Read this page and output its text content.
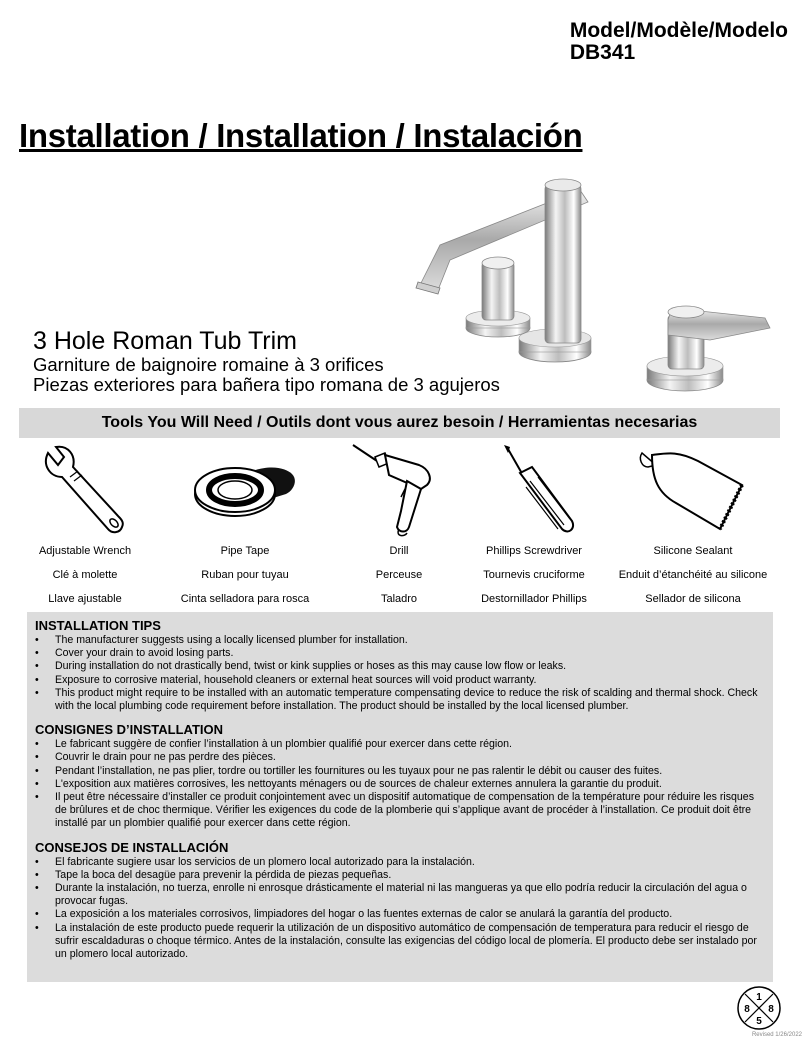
Model/Modèle/Modelo
DB341
Installation / Installation / Instalación
3 Hole Roman Tub Trim
Garniture de baignoire romaine à 3 orifices
Piezas exteriores para bañera tipo romana de 3 agujeros
Tools You Will Need / Outils dont vous aurez besoin / Herramientas necesarias
Adjustable Wrench
Clé à molette
Llave ajustable
Pipe Tape
Ruban pour tuyau
Cinta selladora para rosca
Drill
Perceuse
Taladro
Phillips Screwdriver
Tournevis cruciforme
Destornillador Phillips
Silicone Sealant
Enduit d’étanchéité au silicone
Sellador de silicona
INSTALLATION TIPS
• The manufacturer suggests using a locally licensed plumber for installation.
• Cover your drain to avoid losing parts.
• During installation do not drastically bend, twist or kink supplies or hoses as this may cause low flow or leaks.
• Exposure to corrosive material, household cleaners or external heat sources will void product warranty.
• This product might require to be installed with an automatic temperature compensating device to reduce the risk of scalding and thermal shock. Check with the local plumbing code requirement before installation. The product should be installed by the local licensed plumber.
CONSIGNES D’INSTALLATION
• Le fabricant suggère de confier l’installation à un plombier qualifié pour exercer dans cette région.
• Couvrir le drain pour ne pas perdre des pièces.
• Pendant l’installation, ne pas plier, tordre ou tortiller les fournitures ou les tuyaux pour ne pas ralentir le débit ou causer des fuites.
• L'exposition aux matières corrosives, les nettoyants ménagers ou de sources de chaleur externes annulera la garantie du produit.
• Il peut être nécessaire d’installer ce produit conjointement avec un dispositif automatique de compensation de la température pour réduire les risques de brûlures et de choc thermique. Vérifier les exigences du code de la plomberie qui s’applique avant de procéder à l’installation. Ce produit doit être installé par un plombier qualifié pour exercer dans cette région.
CONSEJOS DE INSTALLACIÓN
• El fabricante sugiere usar los servicios de un plomero local autorizado para la instalación.
• Tape la boca del desagüe para prevenir la pérdida de piezas pequeñas.
• Durante la instalación, no tuerza, enrolle ni enrosque drásticamente el material ni las mangueras ya que ello podría reducir la circulación del agua o provocar fugas.
• La exposición a los materiales corrosivos, limpiadores del hogar o las fuentes externas de calor se anulará la garantía del producto.
• La instalación de este producto puede requerir la utilización de un dispositivo automático de compensación de temperatura para reducir el riesgo de sufrir escaldaduras o choque térmico. Antes de la instalación, consulte las exigencias del código local de plomería. El producto debe ser instalado por un plomero local autorizado.
1
8 8
5
Revised 1/26/2022
